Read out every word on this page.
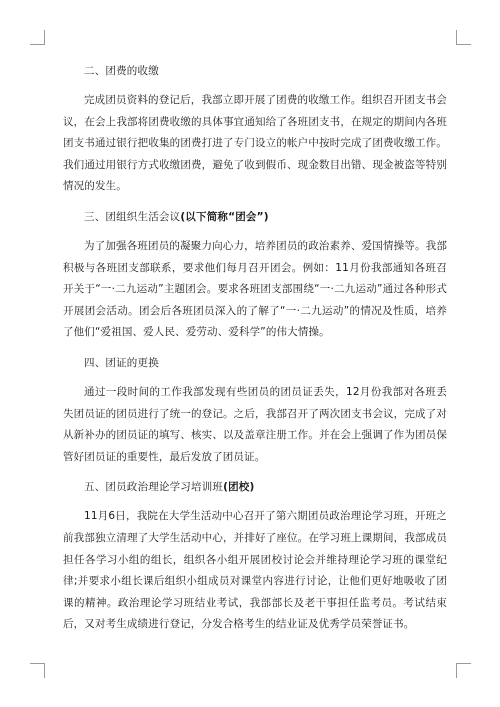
二、团费的收缴

完成团员资料的登记后，我部立即开展了团费的收缴工作。组织召开团支书会议，在会上我部将团费收缴的具体事宜通知给了各班团支书，在规定的期间内各班团支书通过银行把收集的团费打进了专门设立的帐户中按时完成了团费收缴工作。我们通过用银行方式收缴团费，避免了收到假币、现金数目出错、现金被盗等特别情况的发生。

三、团组织生活会议(以下简称“团会”)

为了加强各班团员的凝聚力向心力，培养团员的政治素养、爱国情操等。我部积极与各班团支部联系，要求他们每月召开团会。例如：11月份我部通知各班召开关于“一·二九运动”主题团会。要求各班团支部围绕“一·二九运动”通过各种形式开展团会活动。团会后各班团员深入的了解了“一·二九运动”的情况及性质，培养了他们“爱祖国、爱人民、爱劳动、爱科学”的伟大情操。

四、团证的更换

通过一段时间的工作我部发现有些团员的团员证丢失，12月份我部对各班丢失团员证的团员进行了统一的登记。之后，我部召开了两次团支书会议，完成了对从新补办的团员证的填写、核实、以及盖章注册工作。并在会上强调了作为团员保管好团员证的重要性，最后发放了团员证。

五、团员政治理论学习培训班(团校)

11月6日，我院在大学生活动中心召开了第六期团员政治理论学习班，开班之前我部独立清理了大学生活动中心，并排好了座位。在学习班上课期间，我部成员担任各学习小组的组长，组织各小组开展团校讨论会并维持理论学习班的课堂纪律;并要求小组长课后组织小组成员对课堂内容进行讨论，让他们更好地吸收了团课的精神。政治理论学习班结业考试，我部部长及老干事担任监考员。考试结束后，又对考生成绩进行登记，分发合格考生的结业证及优秀学员荣誉证书。
